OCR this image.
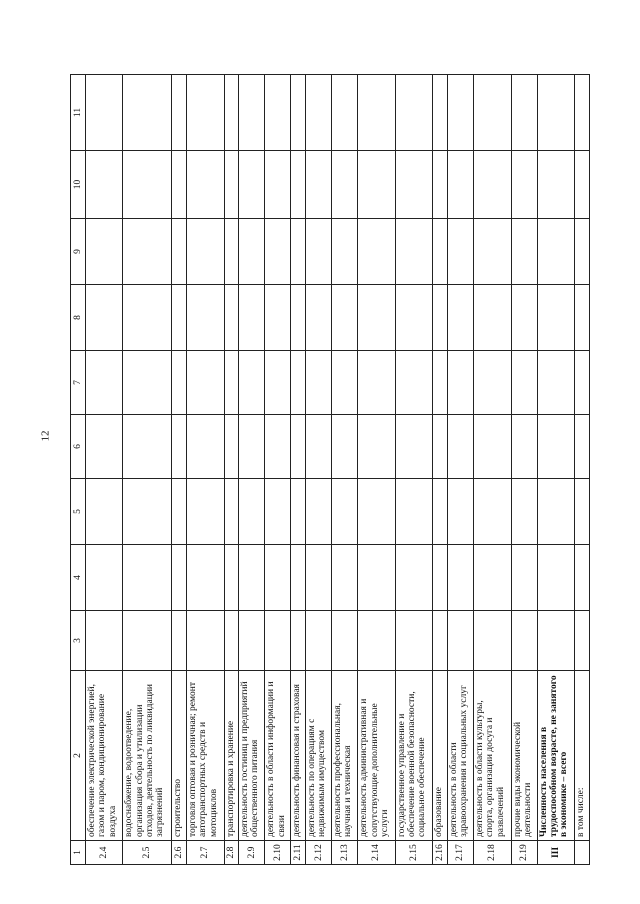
12
1	2	3	4	5	6	7	8	9	10	11
2.4	обеспечение электрической энергией, газом и паром, кондиционирование воздуха									
2.5	водоснабжение, водоотведение, организация сбора и утилизации отходов, деятельность по ликвидации загрязнений									
2.6	строительство									
2.7	торговля оптовая и розничная; ремонт автотранспортных средств и мотоциклов									
2.8	транспортировка и хранение									
2.9	деятельность гостиниц и предприятий общественного питания									
2.10	деятельность в области информации и связи									
2.11	деятельность финансовая и страховая									
2.12	деятельность по операциям с недвижимым имуществом									
2.13	деятельность профессиональная, научная и техническая									
2.14	деятельность административная и сопутствующие дополнительные услуги									
2.15	государственное управление и обеспечение военной безопасности, социальное обеспечение									
2.16	образование									
2.17	деятельность в области здравоохранения и социальных услуг									
2.18	деятельность в области культуры, спорта, организации досуга и развлечений									
2.19	прочие виды экономической деятельности									
III	Численность населения в трудоспособном возрасте, не занятого в экономике – всего									
	в том числе:									
